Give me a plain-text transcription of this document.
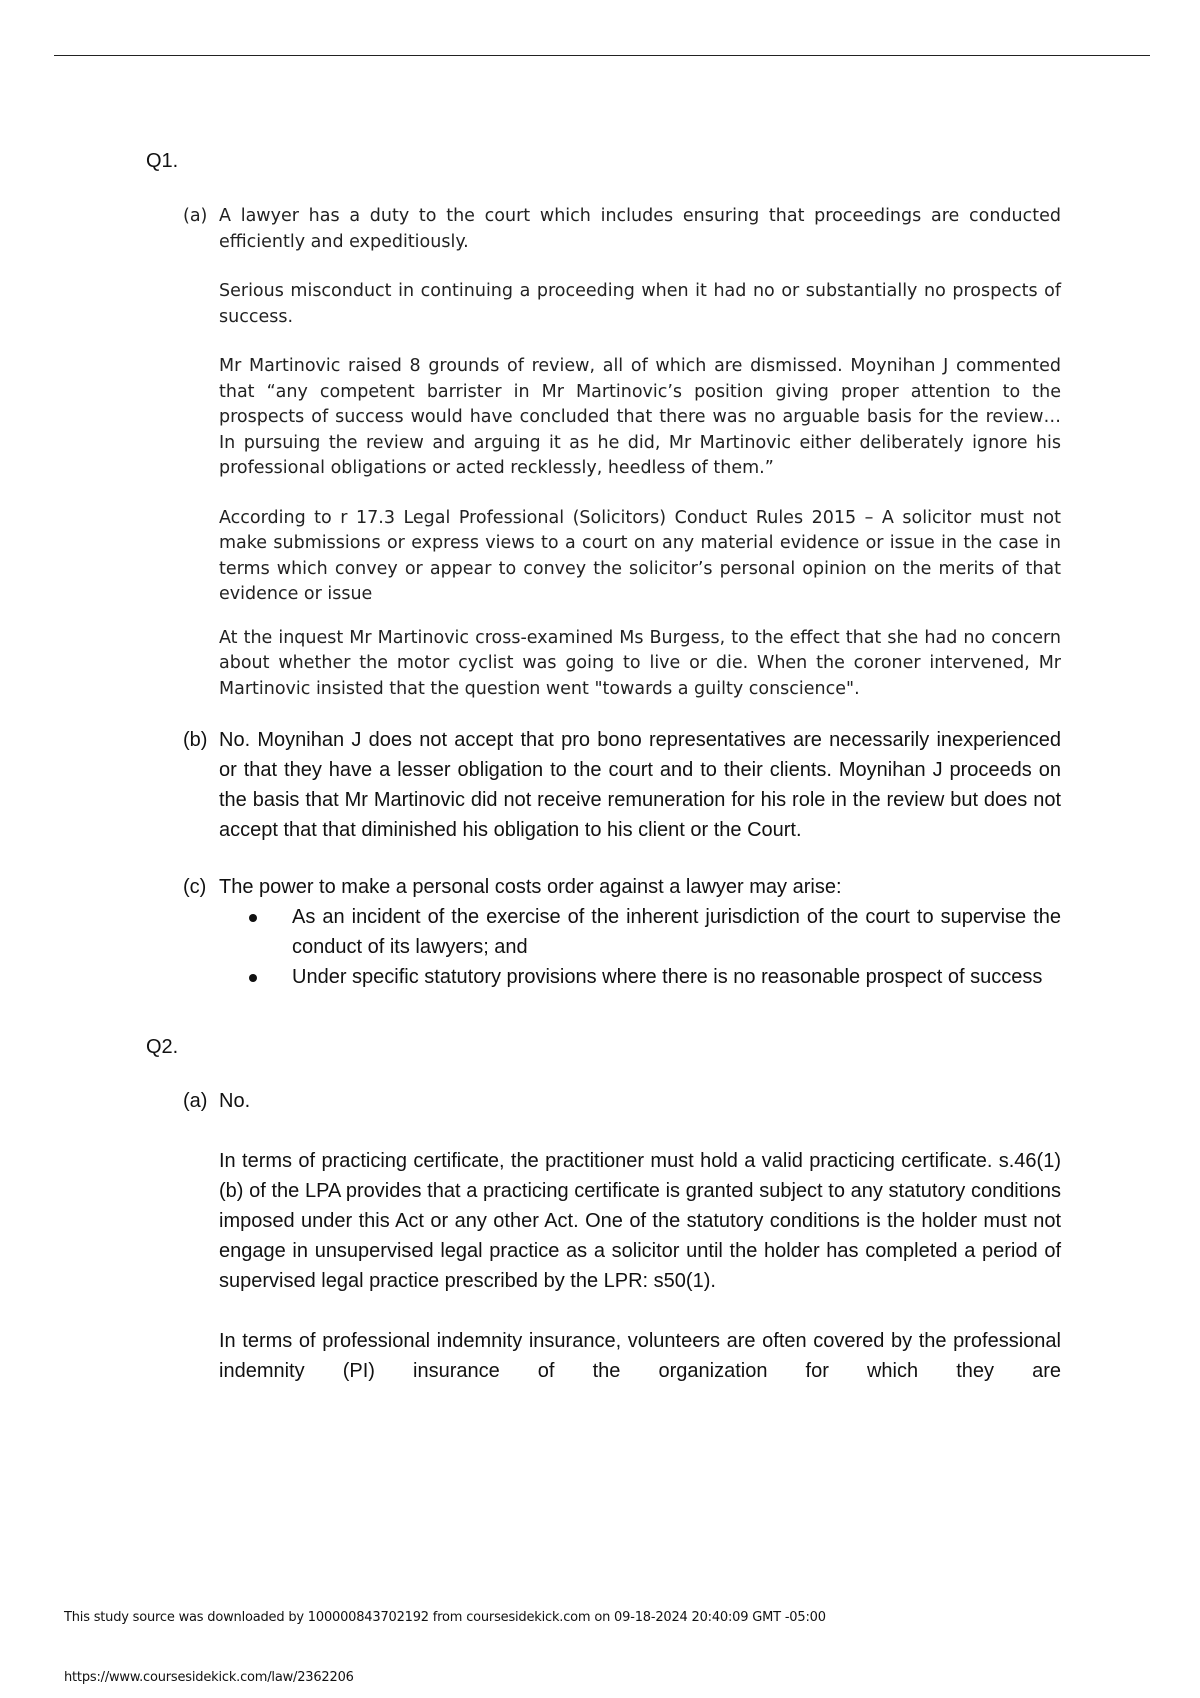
Q1.

(a) A lawyer has a duty to the court which includes ensuring that proceedings are conducted efficiently and expeditiously.

Serious misconduct in continuing a proceeding when it had no or substantially no prospects of success.

Mr Martinovic raised 8 grounds of review, all of which are dismissed. Moynihan J commented that “any competent barrister in Mr Martinovic’s position giving proper attention to the prospects of success would have concluded that there was no arguable basis for the review… In pursuing the review and arguing it as he did, Mr Martinovic either deliberately ignore his professional obligations or acted recklessly, heedless of them.”

According to r 17.3 Legal Professional (Solicitors) Conduct Rules 2015 – A solicitor must not make submissions or express views to a court on any material evidence or issue in the case in terms which convey or appear to convey the solicitor’s personal opinion on the merits of that evidence or issue

At the inquest Mr Martinovic cross-examined Ms Burgess, to the effect that she had no concern about whether the motor cyclist was going to live or die. When the coroner intervened, Mr Martinovic insisted that the question went "towards a guilty conscience".

(b) No. Moynihan J does not accept that pro bono representatives are necessarily inexperienced or that they have a lesser obligation to the court and to their clients. Moynihan J proceeds on the basis that Mr Martinovic did not receive remuneration for his role in the review but does not accept that that diminished his obligation to his client or the Court.

(c) The power to make a personal costs order against a lawyer may arise:

As an incident of the exercise of the inherent jurisdiction of the court to supervise the conduct of its lawyers; and

Under specific statutory provisions where there is no reasonable prospect of success

Q2.

(a) No.

In terms of practicing certificate, the practitioner must hold a valid practicing certificate. s.46(1)(b) of the LPA provides that a practicing certificate is granted subject to any statutory conditions imposed under this Act or any other Act. One of the statutory conditions is the holder must not engage in unsupervised legal practice as a solicitor until the holder has completed a period of supervised legal practice prescribed by the LPR: s50(1).

In terms of professional indemnity insurance, volunteers are often covered by the professional indemnity (PI) insurance of the organization for which they are

This study source was downloaded by 100000843702192 from coursesidekick.com on 09-18-2024 20:40:09 GMT -05:00
https://www.coursesidekick.com/law/2362206
